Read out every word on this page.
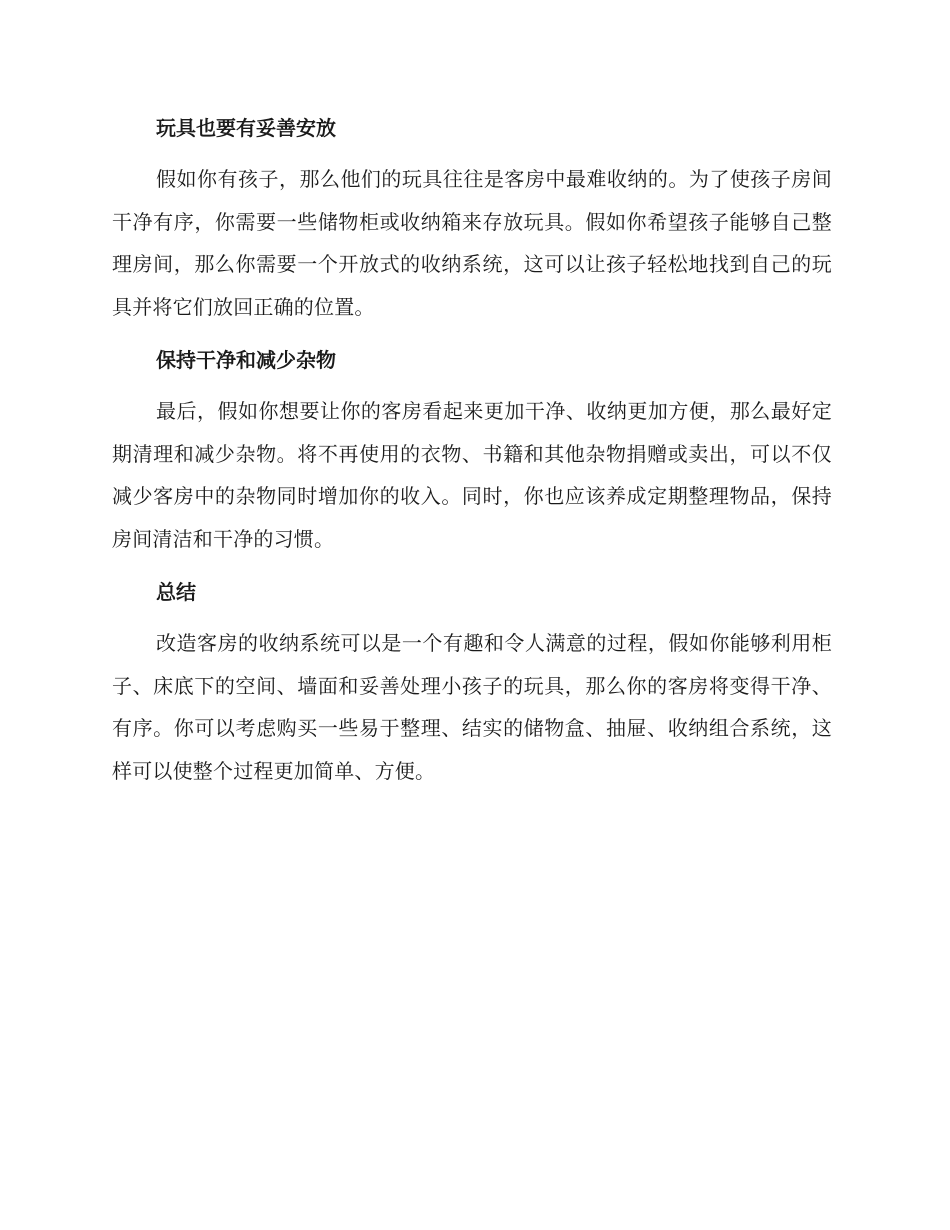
玩具也要有妥善安放

假如你有孩子，那么他们的玩具往往是客房中最难收纳的。为了使孩子房间干净有序，你需要一些储物柜或收纳箱来存放玩具。假如你希望孩子能够自己整理房间，那么你需要一个开放式的收纳系统，这可以让孩子轻松地找到自己的玩具并将它们放回正确的位置。

保持干净和减少杂物

最后，假如你想要让你的客房看起来更加干净、收纳更加方便，那么最好定期清理和减少杂物。将不再使用的衣物、书籍和其他杂物捐赠或卖出，可以不仅减少客房中的杂物同时增加你的收入。同时，你也应该养成定期整理物品，保持房间清洁和干净的习惯。

总结

改造客房的收纳系统可以是一个有趣和令人满意的过程，假如你能够利用柜子、床底下的空间、墙面和妥善处理小孩子的玩具，那么你的客房将变得干净、有序。你可以考虑购买一些易于整理、结实的储物盒、抽屉、收纳组合系统，这样可以使整个过程更加简单、方便。
